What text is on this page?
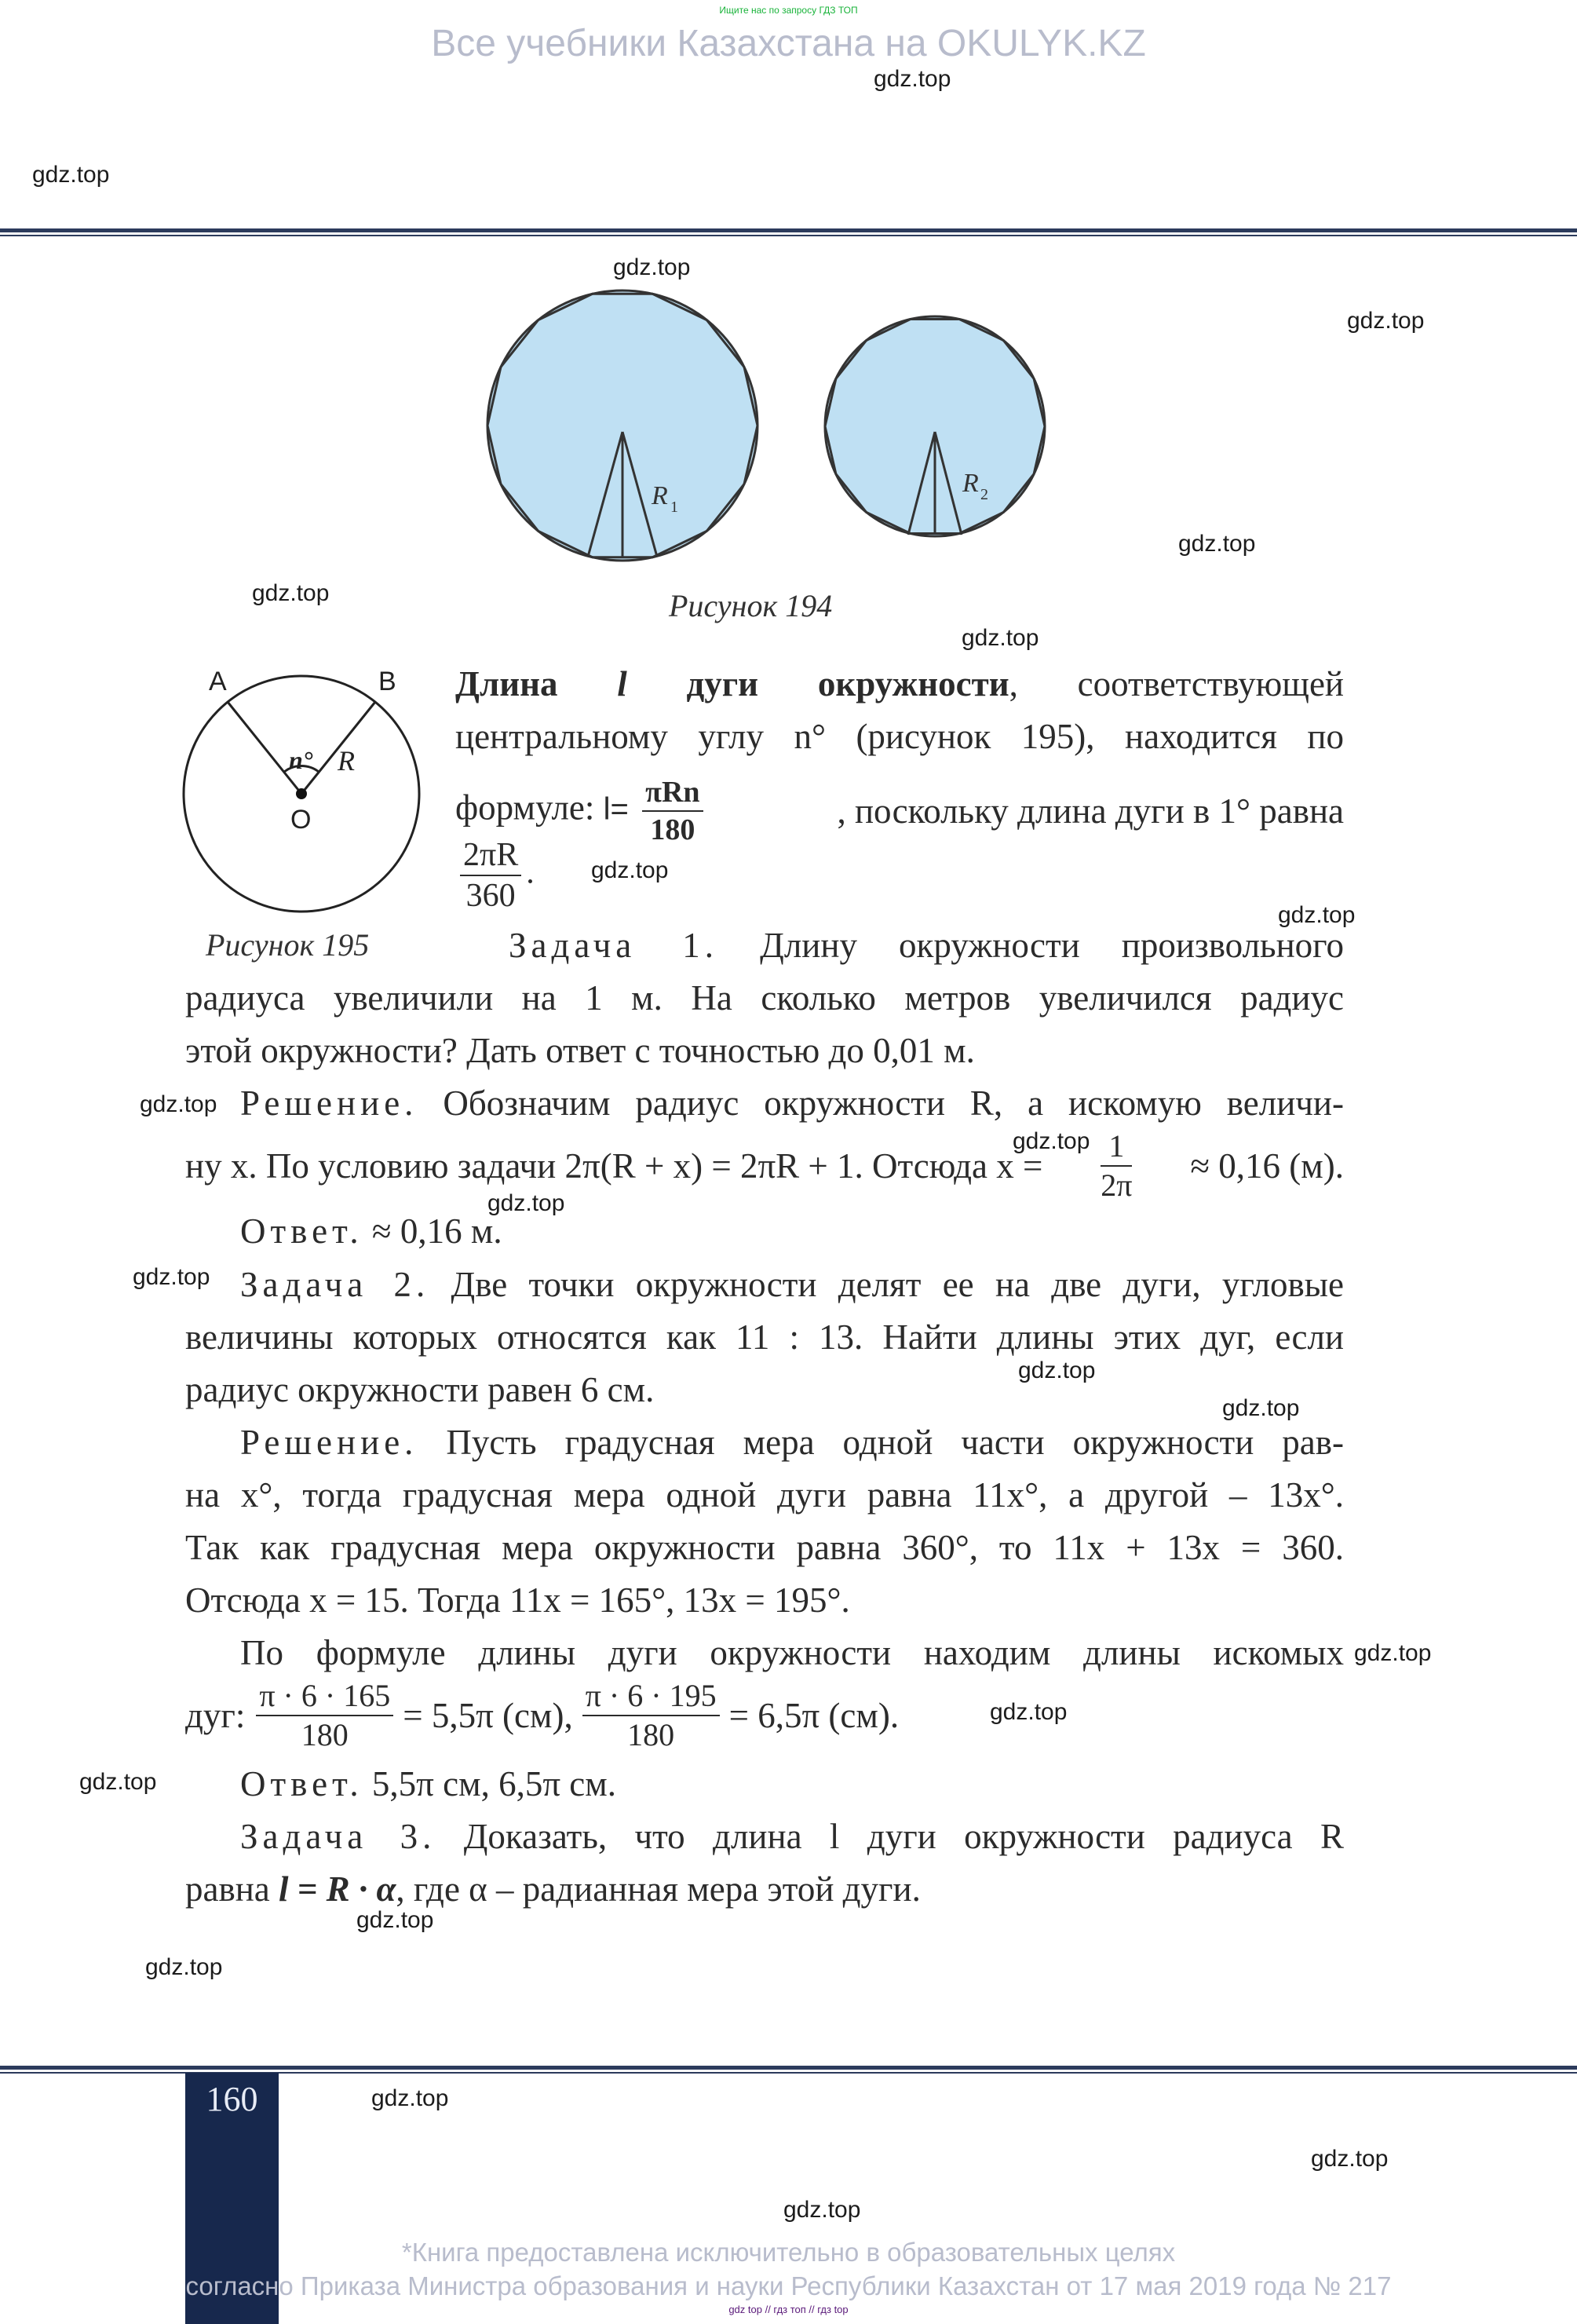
Ищите нас по запросу ГДЗ ТОП
Все учебники Казахстана на OKULYK.KZ
gdz.top
gdz.top
gdz.top
gdz.top
gdz.top
gdz.top
gdz.top
gdz.top
gdz.top
gdz.top
gdz.top
gdz.top
gdz.top
gdz.top
gdz.top
gdz.top
gdz.top
gdz.top
gdz.top
gdz.top
gdz.top
gdz.top
gdz.top
R 1
R 2
Рисунок 194
A	B
O
n° R
Рисунок 195
Длина l дуги окружности, соответствующей
центральному углу n° (рисунок 195), находится по
формуле: $l= \frac{\text{πRn}}{180}$	, поскольку длина дуги в 1° равна
$\frac{2\pi R}{360}$ .
Задача 1. Длину окружности произвольного
радиуса увеличили на 1 м. На сколько метров увеличился радиус
этой окружности? Дать ответ с точностью до 0,01 м.
Решение. Обозначим радиус окружности R, а искомую величи-
ну x. По условию задачи 2π(R + x) = 2πR + 1. Отсюда $x = \frac{1}{2\pi} \approx 0,16$ (м).
Ответ. ≈ 0,16 м.
Задача 2. Две точки окружности делят ее на две дуги, угловые
величины которых относятся как 11 : 13. Найти длины этих дуг, если
радиус окружности равен 6 см.
Решение. Пусть градусная мера одной части окружности рав-
на x°, тогда градусная мера одной дуги равна 11x°, а другой – 13x°.
Так как градусная мера окружности равна 360°, то 11x + 13x = 360.
Отсюда x = 15. Тогда 11x = 165°, 13x = 195°.
По формуле длины дуги окружности находим длины искомых
дуг: $\frac{\pi \cdot 6 \cdot 165}{180} = 5,5\pi$ (см), $\frac{\pi \cdot 6 \cdot 195}{180} = 6,5\pi$ (см).
Ответ. 5,5π см, 6,5π см.
Задача 3. Доказать, что длина l дуги окружности радиуса R
равна l = R · α, где α – радианная мера этой дуги.
160
*Книга предоставлена исключительно в образовательных целях
согласно Приказа Министра образования и науки Республики Казахстан от 17 мая 2019 года № 217
gdz top // гдз топ // гдз top
